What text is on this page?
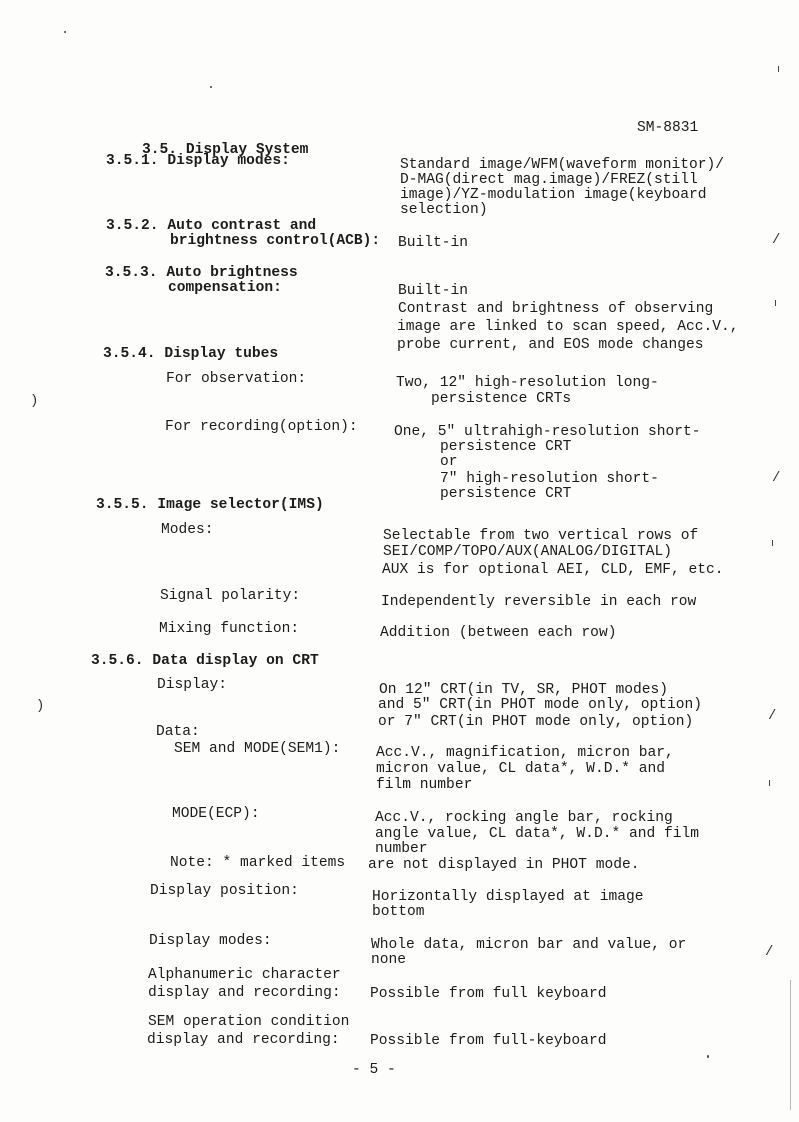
3.5. Display System

SM-8831
3.5.1. Display modes:	Standard image/WFM(waveform monitor)/
D-MAG(direct mag.image)/FREZ(still
image)/YZ-modulation image(keyboard
selection)
3.5.2. Auto contrast and
brightness control(ACB): Built-in
3.5.3. Auto brightness
compensation:	Built-in
Contrast and brightness of observing
image are linked to scan speed, Acc.V.,
probe current, and EOS mode changes
3.5.4. Display tubes
For observation:	Two, 12" high-resolution long-
persistence CRTs
For recording(option): One, 5" ultrahigh-resolution short-
persistence CRT
or
7" high-resolution short-
persistence CRT
3.5.5. Image selector(IMS)
Modes:	Selectable from two vertical rows of
SEI/COMP/TOPO/AUX(ANALOG/DIGITAL)
AUX is for optional AEI, CLD, EMF, etc.
Signal polarity:	Independently reversible in each row
Mixing function:	Addition (between each row)
3.5.6. Data display on CRT
Display:	On 12" CRT(in TV, SR, PHOT modes)
and 5" CRT(in PHOT mode only, option)
or 7" CRT(in PHOT mode only, option)
Data:
SEM and MODE(SEM1): Acc.V., magnification, micron bar,
micron value, CL data*, W.D.* and
film number
MODE(ECP):	Acc.V., rocking angle bar, rocking
angle value, CL data*, W.D.* and film
number
Note: * marked items are not displayed in PHOT mode.
Display position:	Horizontally displayed at image
bottom
Display modes:	Whole data, micron bar and value, or
none
Alphanumeric character
display and recording: Possible from full keyboard
SEM operation condition
display and recording: Possible from full-keyboard
- 5 -
)
)
/
/
/
/
